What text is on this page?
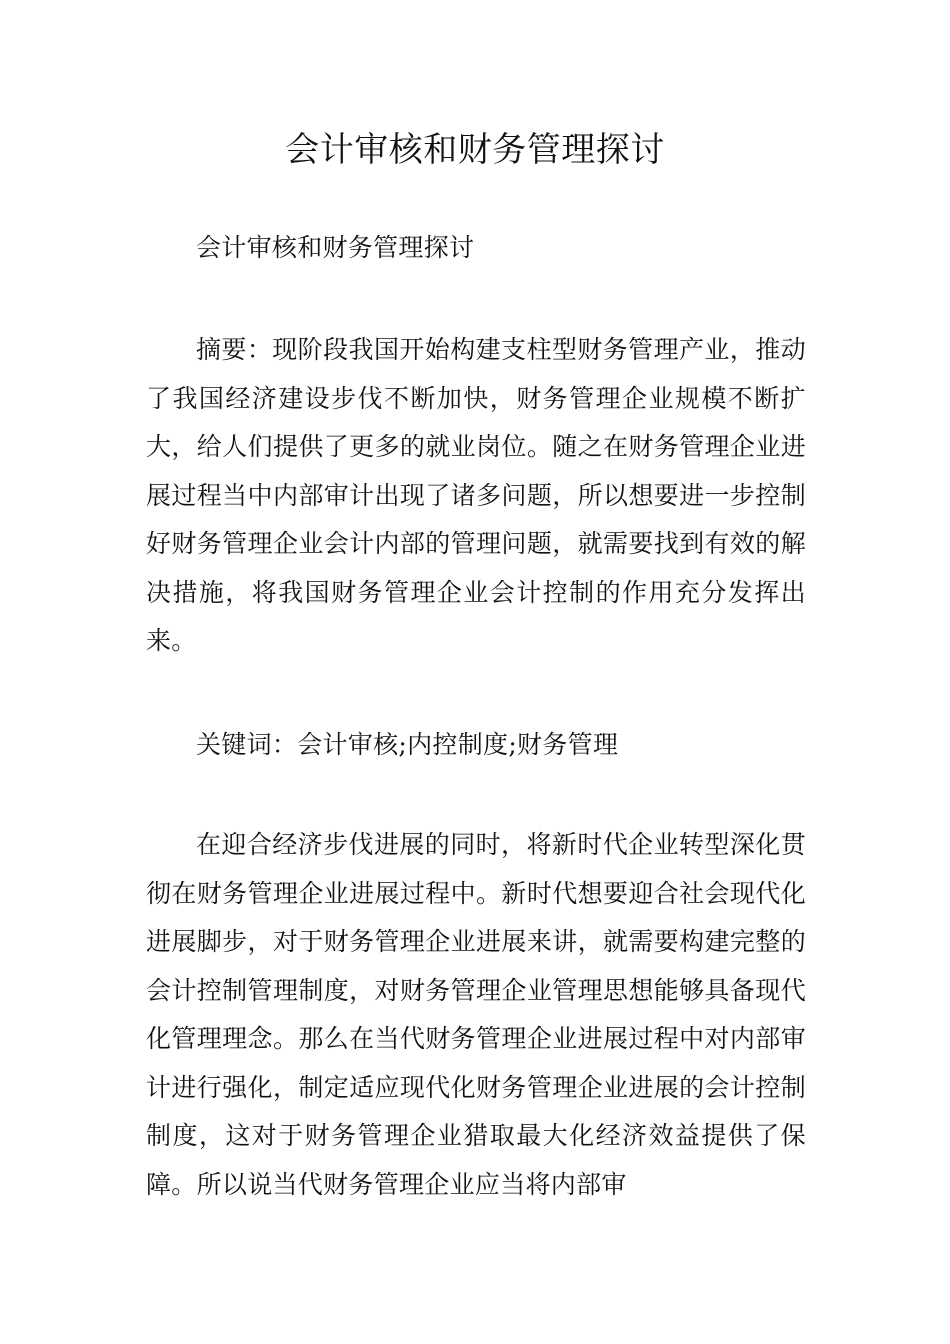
会计审核和财务管理探讨

会计审核和财务管理探讨

摘要：现阶段我国开始构建支柱型财务管理产业，推动了我国经济建设步伐不断加快，财务管理企业规模不断扩大，给人们提供了更多的就业岗位。随之在财务管理企业进展过程当中内部审计出现了诸多问题，所以想要进一步控制好财务管理企业会计内部的管理问题，就需要找到有效的解决措施，将我国财务管理企业会计控制的作用充分发挥出来。

关键词：会计审核;内控制度;财务管理

在迎合经济步伐进展的同时，将新时代企业转型深化贯彻在财务管理企业进展过程中。新时代想要迎合社会现代化进展脚步，对于财务管理企业进展来讲，就需要构建完整的会计控制管理制度，对财务管理企业管理思想能够具备现代化管理理念。那么在当代财务管理企业进展过程中对内部审计进行强化，制定适应现代化财务管理企业进展的会计控制制度，这对于财务管理企业猎取最大化经济效益提供了保障。所以说当代财务管理企业应当将内部审
